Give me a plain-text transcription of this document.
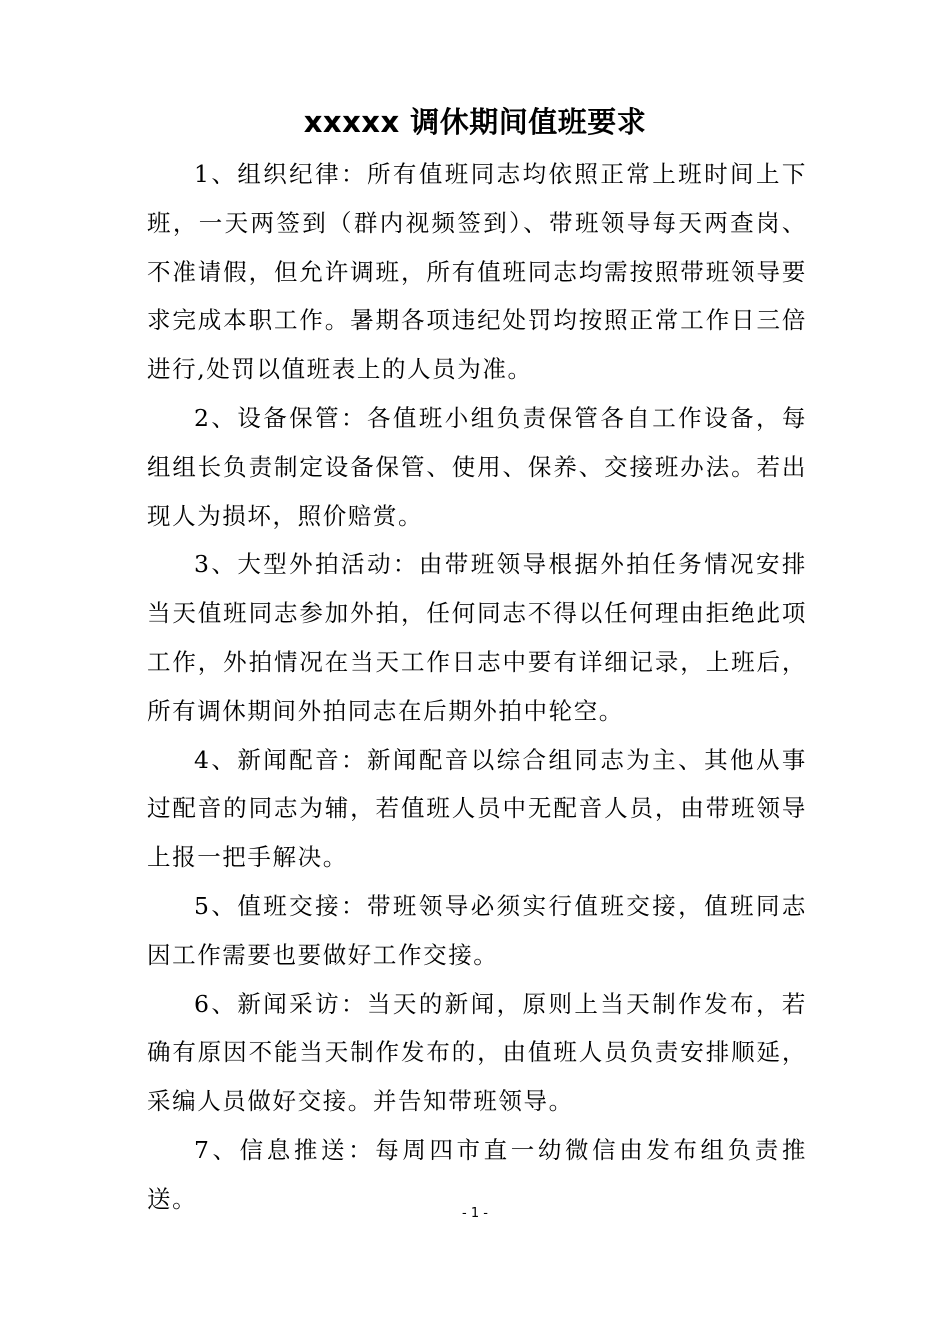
xxxxx 调休期间值班要求

1、组织纪律：所有值班同志均依照正常上班时间上下班，一天两签到（群内视频签到）、带班领导每天两查岗、不准请假，但允许调班，所有值班同志均需按照带班领导要求完成本职工作。暑期各项违纪处罚均按照正常工作日三倍进行,处罚以值班表上的人员为准。

2、设备保管：各值班小组负责保管各自工作设备，每组组长负责制定设备保管、使用、保养、交接班办法。若出现人为损坏，照价赔赏。

3、大型外拍活动：由带班领导根据外拍任务情况安排当天值班同志参加外拍，任何同志不得以任何理由拒绝此项工作，外拍情况在当天工作日志中要有详细记录，上班后，所有调休期间外拍同志在后期外拍中轮空。

4、新闻配音：新闻配音以综合组同志为主、其他从事过配音的同志为辅，若值班人员中无配音人员，由带班领导上报一把手解决。

5、值班交接：带班领导必须实行值班交接，值班同志因工作需要也要做好工作交接。

6、新闻采访：当天的新闻，原则上当天制作发布，若确有原因不能当天制作发布的，由值班人员负责安排顺延，采编人员做好交接。并告知带班领导。

7、信息推送：每周四市直一幼微信由发布组负责推送。

- 1 -
